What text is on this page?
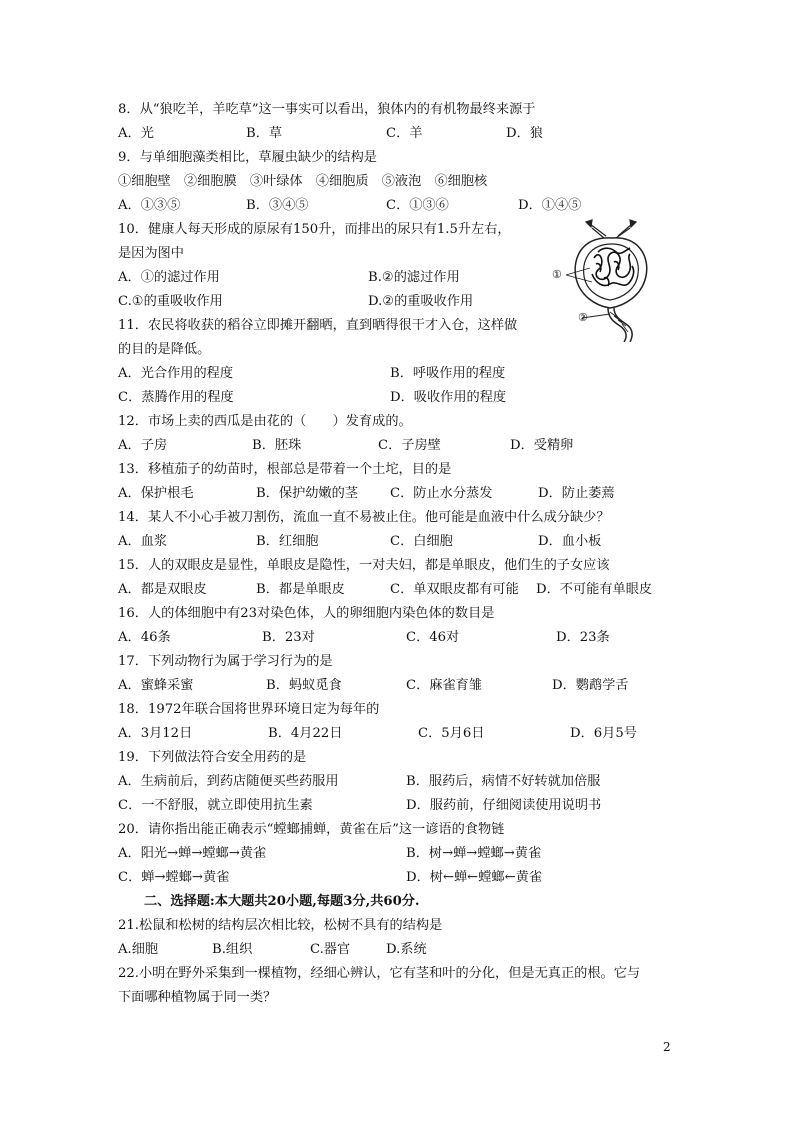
8．从“狼吃羊，羊吃草”这一事实可以看出，狼体内的有机物最终来源于
A．光	B．草	C．羊	D．狼
9．与单细胞藻类相比，草履虫缺少的结构是
①细胞壁　②细胞膜　③叶绿体　④细胞质　⑤液泡　⑥细胞核
A．①③⑤	B．③④⑤	C．①③⑥	D．①④⑤
10．健康人每天形成的原尿有150升，而排出的尿只有1.5升左右，
是因为图中
A．①的滤过作用	B.②的滤过作用
C.①的重吸收作用	D.②的重吸收作用
①
②
11．农民将收获的稻谷立即摊开翻晒，直到晒得很干才入仓，这样做
的目的是降低。
A．光合作用的程度	B．呼吸作用的程度
C．蒸腾作用的程度	D．吸收作用的程度
12．市场上卖的西瓜是由花的（　　）发育成的。
A．子房	B．胚珠	C．子房壁	D．受精卵
13．移植茄子的幼苗时，根部总是带着一个土坨，目的是
A．保护根毛	B．保护幼嫩的茎 C．防止水分蒸发	D．防止萎蔫
14．某人不小心手被刀割伤，流血一直不易被止住。他可能是血液中什么成分缺少？
A．血浆	B．红细胞	C．白细胞	D．血小板
15．人的双眼皮是显性，单眼皮是隐性，一对夫妇，都是单眼皮，他们生的子女应该
A．都是双眼皮	B．都是单眼皮	C．单双眼皮都有可能 D．不可能有单眼皮
16．人的体细胞中有23对染色体，人的卵细胞内染色体的数目是
A．46条	B．23对	C．46对	D．23条
17．下列动物行为属于学习行为的是
A．蜜蜂采蜜	B．蚂蚁觅食	C．麻雀育雏	D．鹦鹉学舌
18．1972年联合国将世界环境日定为每年的
A．3月12日	B．4月22日	C．5月6日	D．6月5号
19．下列做法符合安全用药的是
A．生病前后，到药店随便买些药服用	B．服药后，病情不好转就加倍服
C．一不舒服，就立即使用抗生素	D．服药前，仔细阅读使用说明书
20．请你指出能正确表示“螳螂捕蝉，黄雀在后”这一谚语的食物链
A．阳光→蝉→螳螂→黄雀	B．树→蝉→螳螂→黄雀
C．蝉→螳螂→黄雀	D．树←蝉←螳螂←黄雀
二、选择题:本大题共20小题,每题3分,共60分.
21.松鼠和松树的结构层次相比较，松树不具有的结构是
A.细胞	B.组织	C.器官	D.系统
22.小明在野外采集到一棵植物，经细心辨认，它有茎和叶的分化，但是无真正的根。它与
下面哪种植物属于同一类？
2
